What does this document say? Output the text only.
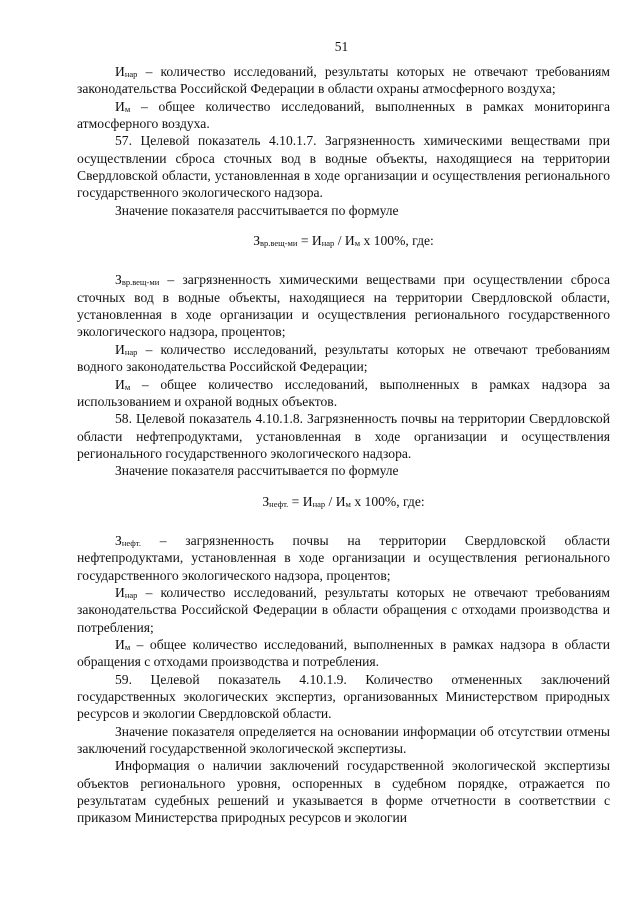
51

$И_{нар}$ – количество исследований, результаты которых не отвечают требованиям законодательства Российской Федерации в области охраны атмосферного воздуха;

$И_м$ – общее количество исследований, выполненных в рамках мониторинга атмосферного воздуха.

57. Целевой показатель 4.10.1.7. Загрязненность химическими веществами при осуществлении сброса сточных вод в водные объекты, находящиеся на территории Свердловской области, установленная в ходе организации и осуществления регионального государственного экологического надзора.

Значение показателя рассчитывается по формуле

$З_{вр.вещ-ми} = И_{нар} / И_м$ x 100%, где:

$З_{вр.вещ-ми}$ – загрязненность химическими веществами при осуществлении сброса сточных вод в водные объекты, находящиеся на территории Свердловской области, установленная в ходе организации и осуществления регионального государственного экологического надзора, процентов;

$И_{нар}$ – количество исследований, результаты которых не отвечают требованиям водного законодательства Российской Федерации;

$И_м$ – общее количество исследований, выполненных в рамках надзора за использованием и охраной водных объектов.

58. Целевой показатель 4.10.1.8. Загрязненность почвы на территории Свердловской области нефтепродуктами, установленная в ходе организации и осуществления регионального государственного экологического надзора.

Значение показателя рассчитывается по формуле

$З_{нефт.} = И_{нар} / И_м$ x 100%, где:

$З_{нефт.}$ – загрязненность почвы на территории Свердловской области нефтепродуктами, установленная в ходе организации и осуществления регионального государственного экологического надзора, процентов;

$И_{нар}$ – количество исследований, результаты которых не отвечают требованиям законодательства Российской Федерации в области обращения с отходами производства и потребления;

$И_м$ – общее количество исследований, выполненных в рамках надзора в области обращения с отходами производства и потребления.

59. Целевой показатель 4.10.1.9. Количество отмененных заключений государственных экологических экспертиз, организованных Министерством природных ресурсов и экологии Свердловской области.

Значение показателя определяется на основании информации об отсутствии отмены заключений государственной экологической экспертизы.

Информация о наличии заключений государственной экологической экспертизы объектов регионального уровня, оспоренных в судебном порядке, отражается по результатам судебных решений и указывается в форме отчетности в соответствии с приказом Министерства природных ресурсов и экологии
